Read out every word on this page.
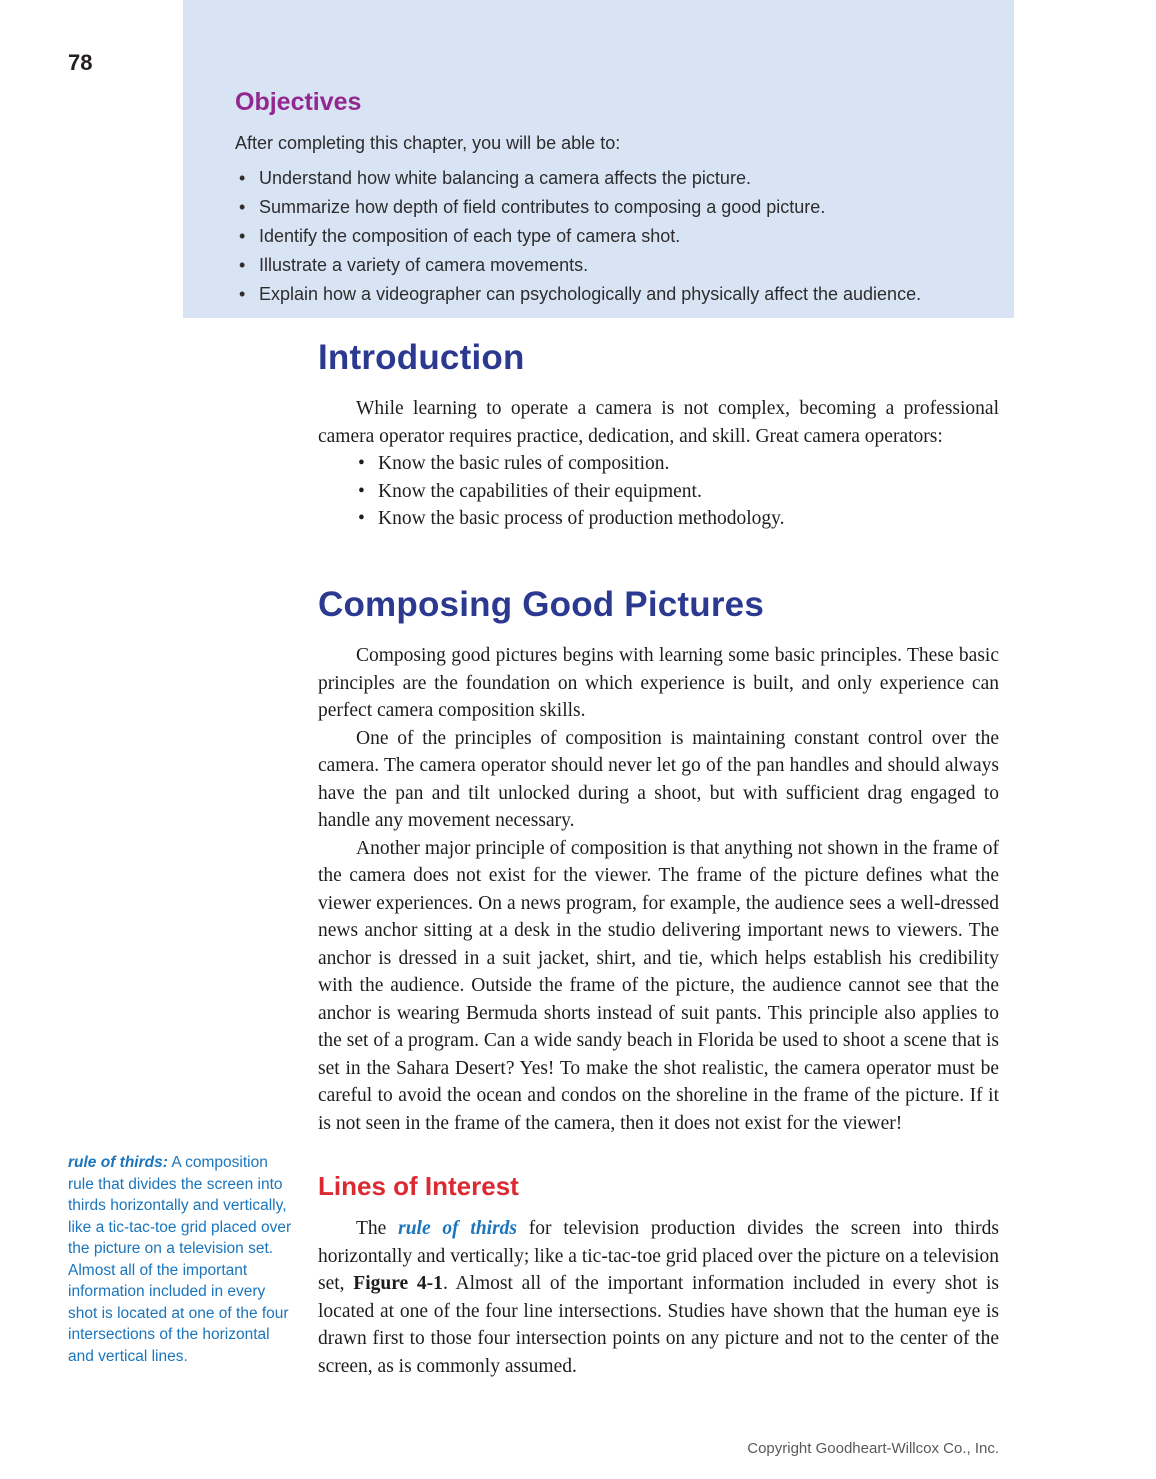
78
Objectives

After completing this chapter, you will be able to:

• Understand how white balancing a camera affects the picture.
• Summarize how depth of field contributes to composing a good picture.
• Identify the composition of each type of camera shot.
• Illustrate a variety of camera movements.
• Explain how a videographer can psychologically and physically affect the audience.
rule of thirds: A composition rule that divides the screen into thirds horizontally and vertically, like a tic-tac-toe grid placed over the picture on a television set. Almost all of the important information included in every shot is located at one of the four intersections of the horizontal and vertical lines.
Introduction

While learning to operate a camera is not complex, becoming a professional camera operator requires practice, dedication, and skill. Great camera operators:

• Know the basic rules of composition.
• Know the capabilities of their equipment.
• Know the basic process of production methodology.
Composing Good Pictures

Composing good pictures begins with learning some basic principles. These basic principles are the foundation on which experience is built, and only experience can perfect camera composition skills.

One of the principles of composition is maintaining constant control over the camera. The camera operator should never let go of the pan handles and should always have the pan and tilt unlocked during a shoot, but with sufficient drag engaged to handle any movement necessary.

Another major principle of composition is that anything not shown in the frame of the camera does not exist for the viewer. The frame of the picture defines what the viewer experiences. On a news program, for example, the audience sees a well-dressed news anchor sitting at a desk in the studio delivering important news to viewers. The anchor is dressed in a suit jacket, shirt, and tie, which helps establish his credibility with the audience. Outside the frame of the picture, the audience cannot see that the anchor is wearing Bermuda shorts instead of suit pants. This principle also applies to the set of a program. Can a wide sandy beach in Florida be used to shoot a scene that is set in the Sahara Desert? Yes! To make the shot realistic, the camera operator must be careful to avoid the ocean and condos on the shoreline in the frame of the picture. If it is not seen in the frame of the camera, then it does not exist for the viewer!

Lines of Interest

The rule of thirds for television production divides the screen into thirds horizontally and vertically; like a tic-tac-toe grid placed over the picture on a television set, Figure 4-1. Almost all of the important information included in every shot is located at one of the four line intersections. Studies have shown that the human eye is drawn first to those four intersection points on any picture and not to the center of the screen, as is commonly assumed.

Copyright Goodheart-Willcox Co., Inc.
